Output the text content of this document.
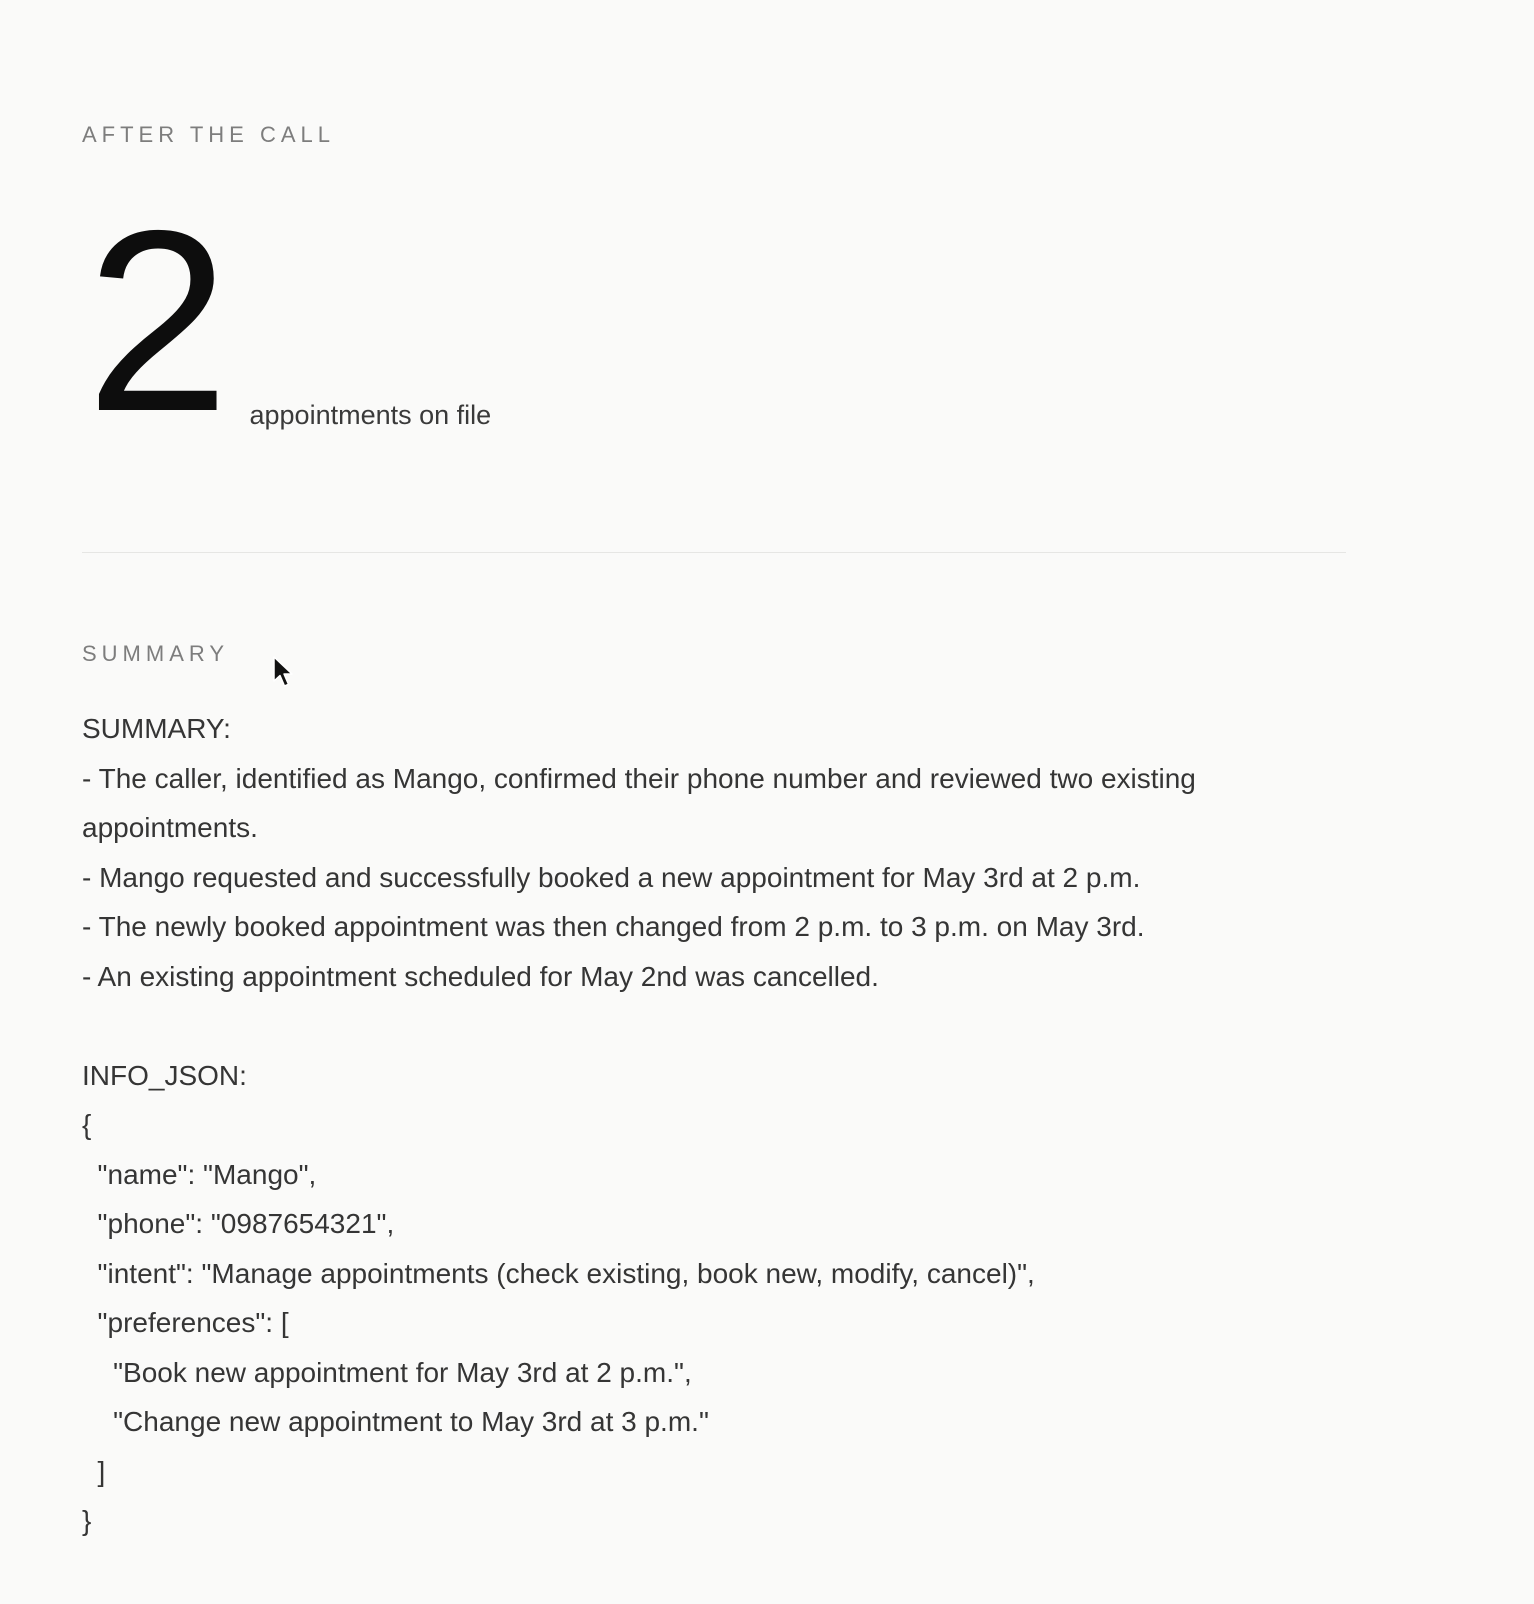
AFTER THE CALL
2 appointments on file
SUMMARY
SUMMARY:
- The caller, identified as Mango, confirmed their phone number and reviewed two existing appointments.
- Mango requested and successfully booked a new appointment for May 3rd at 2 p.m.
- The newly booked appointment was then changed from 2 p.m. to 3 p.m. on May 3rd.
- An existing appointment scheduled for May 2nd was cancelled.
INFO_JSON:
{
"name": "Mango",
"phone": "0987654321",
"intent": "Manage appointments (check existing, book new, modify, cancel)",
"preferences": [
"Book new appointment for May 3rd at 2 p.m.",
"Change new appointment to May 3rd at 3 p.m."
]
}
